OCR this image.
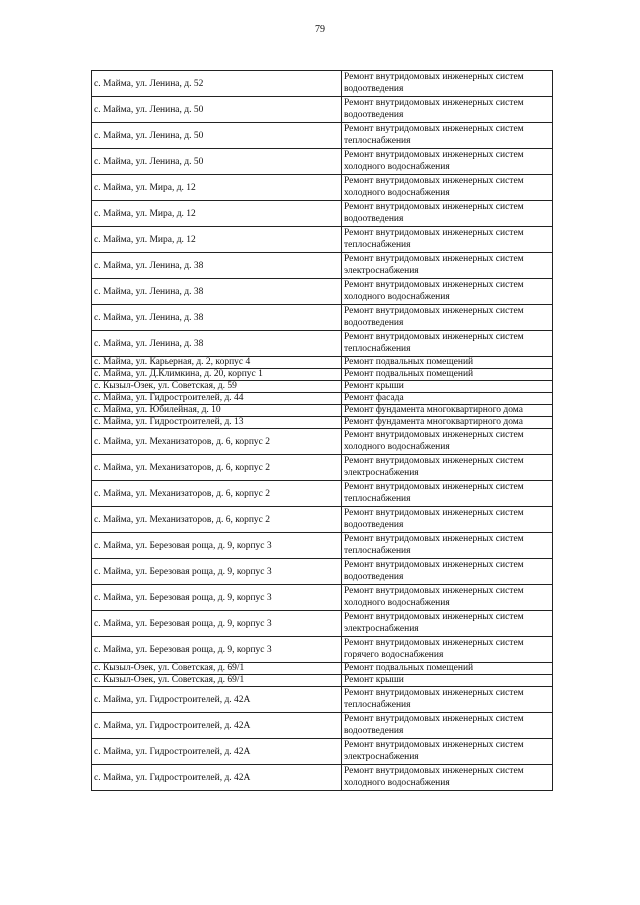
79
с. Майма, ул. Ленина, д. 52	Ремонт внутридомовых инженерных систем водоотведения
с. Майма, ул. Ленина, д. 50	Ремонт внутридомовых инженерных систем водоотведения
с. Майма, ул. Ленина, д. 50	Ремонт внутридомовых инженерных систем теплоснабжения
с. Майма, ул. Ленина, д. 50	Ремонт внутридомовых инженерных систем холодного водоснабжения
с. Майма, ул. Мира, д. 12	Ремонт внутридомовых инженерных систем холодного водоснабжения
с. Майма, ул. Мира, д. 12	Ремонт внутридомовых инженерных систем водоотведения
с. Майма, ул. Мира, д. 12	Ремонт внутридомовых инженерных систем теплоснабжения
с. Майма, ул. Ленина, д. 38	Ремонт внутридомовых инженерных систем электроснабжения
с. Майма, ул. Ленина, д. 38	Ремонт внутридомовых инженерных систем холодного водоснабжения
с. Майма, ул. Ленина, д. 38	Ремонт внутридомовых инженерных систем водоотведения
с. Майма, ул. Ленина, д. 38	Ремонт внутридомовых инженерных систем теплоснабжения
с. Майма, ул. Карьерная, д. 2, корпус 4	Ремонт подвальных помещений
с. Майма, ул. Д.Климкина, д. 20, корпус 1	Ремонт подвальных помещений
с. Кызыл-Озек, ул. Советская, д. 59	Ремонт крыши
с. Майма, ул. Гидростроителей, д. 44	Ремонт фасада
с. Майма, ул. Юбилейная, д. 10	Ремонт фундамента многоквартирного дома
с. Майма, ул. Гидростроителей, д. 13	Ремонт фундамента многоквартирного дома
с. Майма, ул. Механизаторов, д. 6, корпус 2	Ремонт внутридомовых инженерных систем холодного водоснабжения
с. Майма, ул. Механизаторов, д. 6, корпус 2	Ремонт внутридомовых инженерных систем электроснабжения
с. Майма, ул. Механизаторов, д. 6, корпус 2	Ремонт внутридомовых инженерных систем теплоснабжения
с. Майма, ул. Механизаторов, д. 6, корпус 2	Ремонт внутридомовых инженерных систем водоотведения
с. Майма, ул. Березовая роща, д. 9, корпус 3	Ремонт внутридомовых инженерных систем теплоснабжения
с. Майма, ул. Березовая роща, д. 9, корпус 3	Ремонт внутридомовых инженерных систем водоотведения
с. Майма, ул. Березовая роща, д. 9, корпус 3	Ремонт внутридомовых инженерных систем холодного водоснабжения
с. Майма, ул. Березовая роща, д. 9, корпус 3	Ремонт внутридомовых инженерных систем электроснабжения
с. Майма, ул. Березовая роща, д. 9, корпус 3	Ремонт внутридомовых инженерных систем горячего водоснабжения
с. Кызыл-Озек, ул. Советская, д. 69/1	Ремонт подвальных помещений
с. Кызыл-Озек, ул. Советская, д. 69/1	Ремонт крыши
с. Майма, ул. Гидростроителей, д. 42А	Ремонт внутридомовых инженерных систем теплоснабжения
с. Майма, ул. Гидростроителей, д. 42А	Ремонт внутридомовых инженерных систем водоотведения
с. Майма, ул. Гидростроителей, д. 42А	Ремонт внутридомовых инженерных систем электроснабжения
с. Майма, ул. Гидростроителей, д. 42А	Ремонт внутридомовых инженерных систем холодного водоснабжения
